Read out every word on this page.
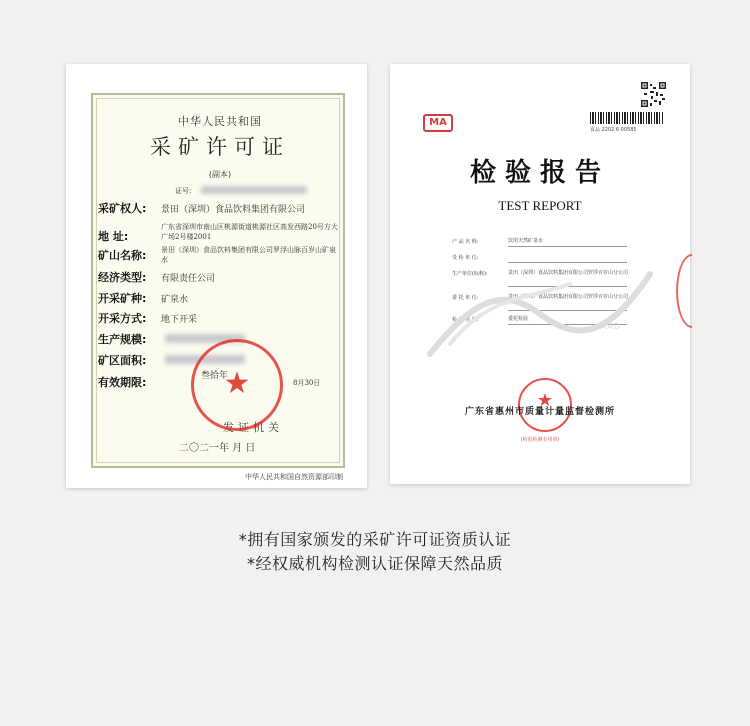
中华人民共和国
采矿许可证
(副本)
证号:
采矿权人: 景田（深圳）食品饮料集团有限公司
地 址:
广东省深圳市南山区桃源街道桃源社区高发西路20号方大广场2号楼2001
矿山名称: 景田（深圳）食品饮料集团有限公司罗浮山脉百岁山矿泉水
经济类型: 有限责任公司
开采矿种: 矿泉水
开采方式: 地下开采
生产规模:
矿区面积:
有效期限:	叁拾年
8月30日
发证机关
二〇二一年 月 日
★
中华人民共和国自然资源部印制
MA
食品 2202·6·00585
检验报告
TEST REPORT
产 品 名 称:	饮用天然矿泉水
受 检 单 位:
生产单位(标称):	景田（深圳）食品饮料集团有限公司罗浮百岁山分公司
委 托 单 位:	景田（深圳）食品饮料集团有限公司罗浮百岁山分公司
检 验 类 别:	委托检验
IMAD
★
广东省惠州市质量计量监督检测所
(检验检测专用章)
*拥有国家颁发的采矿许可证资质认证
*经权威机构检测认证保障天然品质
